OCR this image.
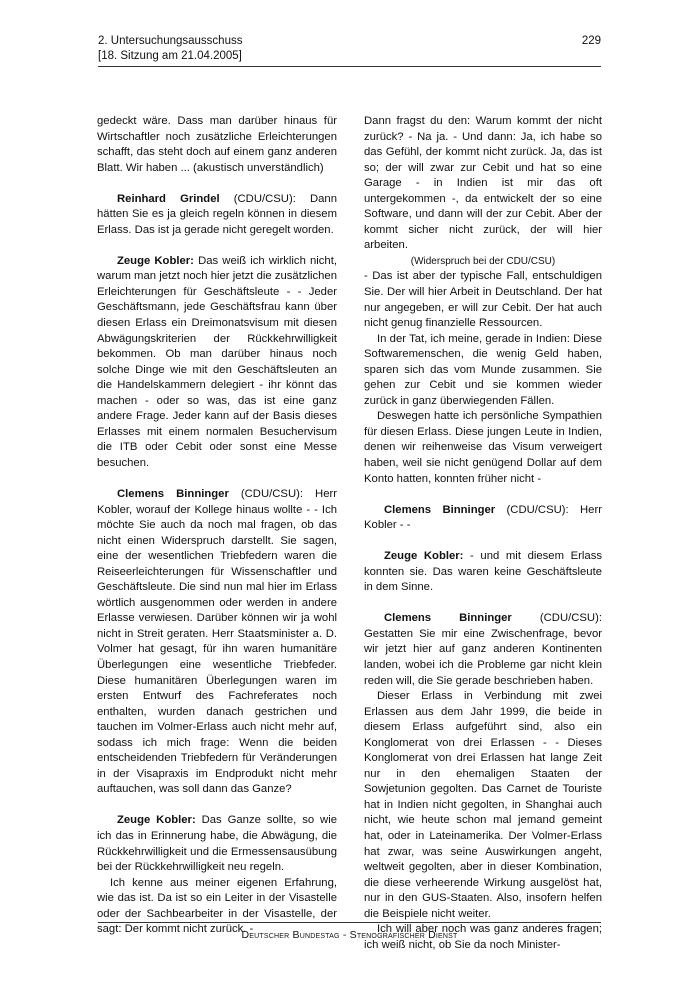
2. Untersuchungsausschuss
[18. Sitzung am 21.04.2005]
229

gedeckt wäre. Dass man darüber hinaus für Wirtschaftler noch zusätzliche Erleichterungen schafft, das steht doch auf einem ganz anderen Blatt. Wir haben ... (akustisch unverständlich)

Reinhard Grindel (CDU/CSU): Dann hätten Sie es ja gleich regeln können in diesem Erlass. Das ist ja gerade nicht geregelt worden.

Zeuge Kobler: Das weiß ich wirklich nicht, warum man jetzt noch hier jetzt die zusätzlichen Erleichterungen für Geschäftsleute - - Jeder Geschäftsmann, jede Geschäftsfrau kann über diesen Erlass ein Dreimonatsvisum mit diesen Abwägungskriterien der Rückkehrwilligkeit bekommen. Ob man darüber hinaus noch solche Dinge wie mit den Geschäftsleuten an die Handelskammern delegiert - ihr könnt das machen - oder so was, das ist eine ganz andere Frage. Jeder kann auf der Basis dieses Erlasses mit einem normalen Besuchervisum die ITB oder Cebit oder sonst eine Messe besuchen.

Clemens Binninger (CDU/CSU): Herr Kobler, worauf der Kollege hinaus wollte - - Ich möchte Sie auch da noch mal fragen, ob das nicht einen Widerspruch darstellt. Sie sagen, eine der wesentlichen Triebfedern waren die Reiseerleichterungen für Wissenschaftler und Geschäftsleute. Die sind nun mal hier im Erlass wörtlich ausgenommen oder werden in andere Erlasse verwiesen. Darüber können wir ja wohl nicht in Streit geraten. Herr Staatsminister a. D. Volmer hat gesagt, für ihn waren humanitäre Überlegungen eine wesentliche Triebfeder. Diese humanitären Überlegungen waren im ersten Entwurf des Fachreferates noch enthalten, wurden danach gestrichen und tauchen im Volmer-Erlass auch nicht mehr auf, sodass ich mich frage: Wenn die beiden entscheidenden Triebfedern für Veränderungen in der Visapraxis im Endprodukt nicht mehr auftauchen, was soll dann das Ganze?

Zeuge Kobler: Das Ganze sollte, so wie ich das in Erinnerung habe, die Abwägung, die Rückkehrwilligkeit und die Ermessensausübung bei der Rückkehrwilligkeit neu regeln.

Ich kenne aus meiner eigenen Erfahrung, wie das ist. Da ist so ein Leiter in der Visastelle oder der Sachbearbeiter in der Visastelle, der sagt: Der kommt nicht zurück. -

Dann fragst du den: Warum kommt der nicht zurück? - Na ja. - Und dann: Ja, ich habe so das Gefühl, der kommt nicht zurück. Ja, das ist so; der will zwar zur Cebit und hat so eine Garage - in Indien ist mir das oft untergekommen -, da entwickelt der so eine Software, und dann will der zur Cebit. Aber der kommt sicher nicht zurück, der will hier arbeiten.

(Widerspruch bei der CDU/CSU)

- Das ist aber der typische Fall, entschuldigen Sie. Der will hier Arbeit in Deutschland. Der hat nur angegeben, er will zur Cebit. Der hat auch nicht genug finanzielle Ressourcen.

In der Tat, ich meine, gerade in Indien: Diese Softwaremenschen, die wenig Geld haben, sparen sich das vom Munde zusammen. Sie gehen zur Cebit und sie kommen wieder zurück in ganz überwiegenden Fällen.

Deswegen hatte ich persönliche Sympathien für diesen Erlass. Diese jungen Leute in Indien, denen wir reihenweise das Visum verweigert haben, weil sie nicht genügend Dollar auf dem Konto hatten, konnten früher nicht -

Clemens Binninger (CDU/CSU): Herr Kobler - -

Zeuge Kobler: - und mit diesem Erlass konnten sie. Das waren keine Geschäftsleute in dem Sinne.

Clemens Binninger (CDU/CSU): Gestatten Sie mir eine Zwischenfrage, bevor wir jetzt hier auf ganz anderen Kontinenten landen, wobei ich die Probleme gar nicht klein reden will, die Sie gerade beschrieben haben.

Dieser Erlass in Verbindung mit zwei Erlassen aus dem Jahr 1999, die beide in diesem Erlass aufgeführt sind, also ein Konglomerat von drei Erlassen - - Dieses Konglomerat von drei Erlassen hat lange Zeit nur in den ehemaligen Staaten der Sowjetunion gegolten. Das Carnet de Touriste hat in Indien nicht gegolten, in Shanghai auch nicht, wie heute schon mal jemand gemeint hat, oder in Lateinamerika. Der Volmer-Erlass hat zwar, was seine Auswirkungen angeht, weltweit gegolten, aber in dieser Kombination, die diese verheerende Wirkung ausgelöst hat, nur in den GUS-Staaten. Also, insofern helfen die Beispiele nicht weiter.

Ich will aber noch was ganz anderes fragen; ich weiß nicht, ob Sie da noch Minister-

Deutscher Bundestag - Stenografischer Dienst
